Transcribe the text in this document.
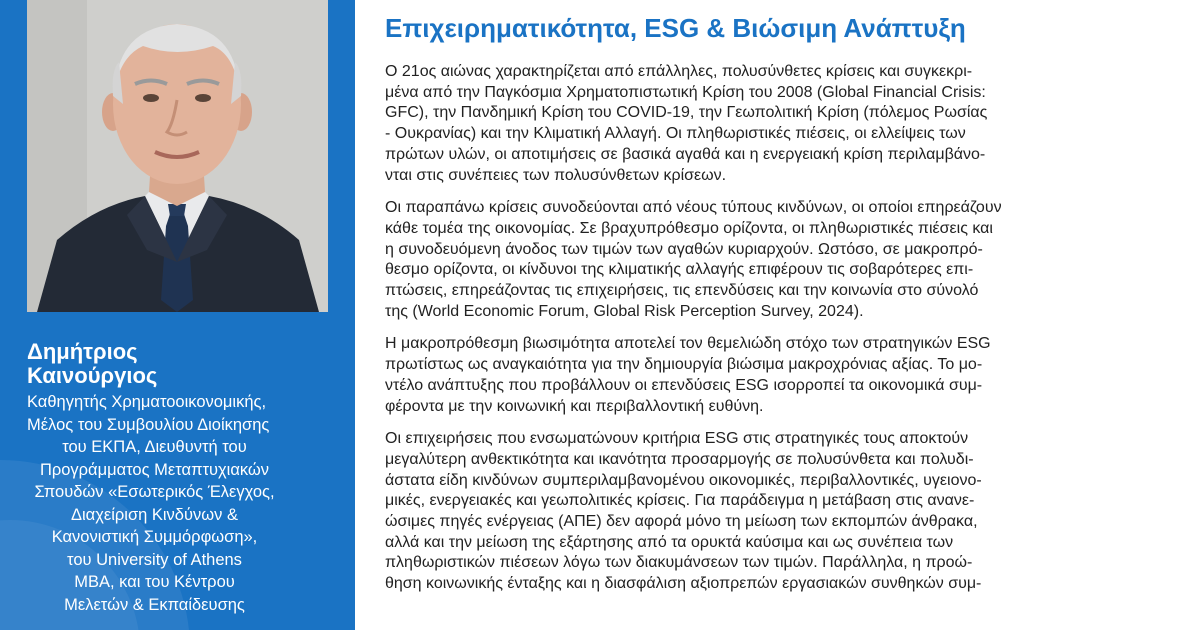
Δημήτριος
Καινούργιος
Καθηγητής Χρηματοοικονομικής,
Μέλος του Συμβουλίου Διοίκησης
του ΕΚΠΑ, Διευθυντή του
Προγράμματος Μεταπτυχιακών
Σπουδών «Εσωτερικός Έλεγχος,
Διαχείριση Κινδύνων &
Κανονιστική Συμμόρφωση»,
του University of Athens
MBA, και του Κέντρου
Μελετών & Εκπαίδευσης
Επιχειρηματικότητα, ESG & Βιώσιμη Ανάπτυξη
Ο 21ος αιώνας χαρακτηρίζεται από επάλληλες, πολυσύνθετες κρίσεις και συγκεκρι-
μένα από την Παγκόσμια Χρηματοπιστωτική Κρίση του 2008 (Global Financial Crisis:
GFC), την Πανδημική Κρίση του COVID-19, την Γεωπολιτική Κρίση (πόλεμος Ρωσίας
- Ουκρανίας) και την Κλιματική Αλλαγή. Οι πληθωριστικές πιέσεις, οι ελλείψεις των
πρώτων υλών, οι αποτιμήσεις σε βασικά αγαθά και η ενεργειακή κρίση περιλαμβάνο-
νται στις συνέπειες των πολυσύνθετων κρίσεων.
Οι παραπάνω κρίσεις συνοδεύονται από νέους τύπους κινδύνων, οι οποίοι επηρεάζουν
κάθε τομέα της οικονομίας. Σε βραχυπρόθεσμο ορίζοντα, οι πληθωριστικές πιέσεις και
η συνοδευόμενη άνοδος των τιμών των αγαθών κυριαρχούν. Ωστόσο, σε μακροπρό-
θεσμο ορίζοντα, οι κίνδυνοι της κλιματικής αλλαγής επιφέρουν τις σοβαρότερες επι-
πτώσεις, επηρεάζοντας τις επιχειρήσεις, τις επενδύσεις και την κοινωνία στο σύνολό
της (World Economic Forum, Global Risk Perception Survey, 2024).
Η μακροπρόθεσμη βιωσιμότητα αποτελεί τον θεμελιώδη στόχο των στρατηγικών ESG
πρωτίστως ως αναγκαιότητα για την δημιουργία βιώσιμα μακροχρόνιας αξίας. Το μο-
ντέλο ανάπτυξης που προβάλλουν οι επενδύσεις ESG ισορροπεί τα οικονομικά συμ-
φέροντα με την κοινωνική και περιβαλλοντική ευθύνη.
Οι επιχειρήσεις που ενσωματώνουν κριτήρια ESG στις στρατηγικές τους αποκτούν
μεγαλύτερη ανθεκτικότητα και ικανότητα προσαρμογής σε πολυσύνθετα και πολυδι-
άστατα είδη κινδύνων συμπεριλαμβανομένου οικονομικές, περιβαλλοντικές, υγειονο-
μικές, ενεργειακές και γεωπολιτικές κρίσεις. Για παράδειγμα η μετάβαση στις ανανε-
ώσιμες πηγές ενέργειας (ΑΠΕ) δεν αφορά μόνο τη μείωση των εκπομπών άνθρακα,
αλλά και την μείωση της εξάρτησης από τα ορυκτά καύσιμα και ως συνέπεια των
πληθωριστικών πιέσεων λόγω των διακυμάνσεων των τιμών. Παράλληλα, η προώ-
θηση κοινωνικής ένταξης και η διασφάλιση αξιοπρεπών εργασιακών συνθηκών συμ-
